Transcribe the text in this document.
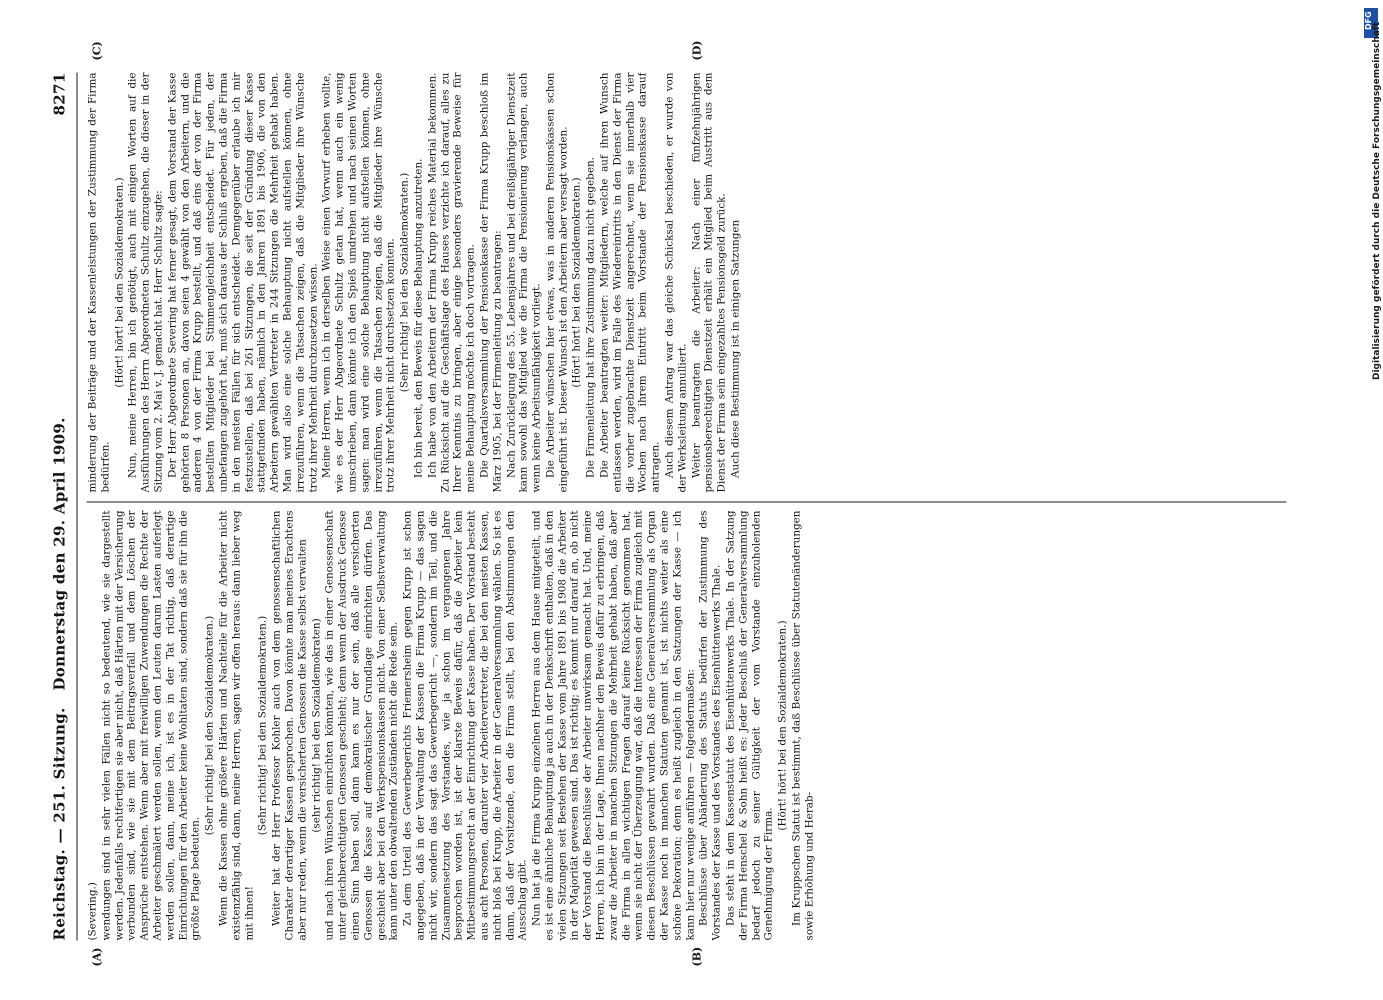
Reichstag. — 251. Sitzung.
Donnerstag den 29. April 1909.
8271
(A)	(B)
(C)	(D)

(Severing.) wendungen sind in sehr vielen Fällen nicht so bedeutend, wie sie dargestellt werden. Jedenfalls rechtfertigen sie aber nicht, daß Härten mit der Versicherung verbunden sind, wie sie mit dem Beitragsverfall und dem Löschen der Ansprüche entstehen. Wenn aber mit freiwilligen Zuwendungen die Rechte der Arbeiter geschmälert werden sollen, wenn den Leuten darum Lasten auferlegt werden sollen, dann, meine ich, ist es in der Tat richtig, daß derartige Einrichtungen für den Arbeiter keine Wohltaten sind, sondern daß sie für ihn die größte Plage bedeuten.

(Sehr richtig! bei den Sozialdemokraten.) Wenn die Kassen ohne größere Härten und Nachteile für die Arbeiter nicht existenzfähig sind, dann, meine Herren, sagen wir offen heraus: dann lieber weg mit ihnen!

(Sehr richtig! bei den Sozialdemokraten.) Weiter hat der Herr Professor Kohler auch von dem genossenschaftlichen Charakter derartiger Kassen gesprochen. Davon könnte man meines Erachtens aber nur reden, wenn die versicherten Genossen die Kasse selbst verwalten (sehr richtig! bei den Sozialdemokraten) und nach ihren Wünschen einrichten könnten, wie das in einer Genossenschaft unter gleichberechtigten Genossen geschieht; denn wenn der Ausdruck Genosse einen Sinn haben soll, dann kann es nur der sein, daß alle versicherten Genossen die Kasse auf demokratischer Grundlage einrichten dürfen. Das geschieht aber bei den Werkspensionskassen nicht. Von einer Selbstverwaltung kann unter den obwaltenden Zuständen nicht die Rede sein. Zu dem Urteil des Gewerbegerichts Friemersheim gegen Krupp ist schon angegeben, daß in der Verwaltung der Kassen die Firma Krupp — das sagen nicht wir, sondern das sagt das Gewerbegericht —, sondern im Teil, und die Zusammensetzung des Vorstandes, wie ja schon im vergangenen Jahre besprochen worden ist, ist der klarste Beweis dafür, daß die Arbeiter kein Mitbestimmungsrecht an der Einrichtung der Kasse haben. Der Vorstand besteht aus acht Personen, darunter vier Arbeitervertreter, die bei den meisten Kassen, nicht bloß bei Krupp, die Arbeiter in der Generalversammlung wählen. So ist es dann, daß der Vorsitzende, den die Firma stellt, bei den Abstimmungen den Ausschlag gibt. Nun hat ja die Firma Krupp einzelnen Herren aus dem Hause mitgeteilt, und es ist eine ähnliche Behauptung ja auch in der Denkschrift enthalten, daß in den vielen Sitzungen seit Bestehen der Kasse vom Jahre 1891 bis 1908 die Arbeiter in der Majorität gewesen sind. Das ist richtig; es kommt nur darauf an, ob nicht der Vorstand die Beschlüsse der Arbeiter unwirksam gemacht hat. Und, meine Herren, ich bin in der Lage, Ihnen nachher den Beweis dafür zu erbringen, daß zwar die Arbeiter in manchen Sitzungen die Mehrheit gehabt haben, daß aber die Firma in allen wichtigen Fragen darauf keine Rücksicht genommen hat, wenn sie nicht der Überzeugung war, daß die Interessen der Firma zugleich mit diesen Beschlüssen gewahrt wurden. Daß eine Generalversammlung als Organ der Kasse noch in manchen Statuten genannt ist, ist nichts weiter als eine schöne Dekoration; denn es heißt zugleich in den Satzungen der Kasse — ich kann hier nur wenige anführen — folgendermaßen: Beschlüsse über Abänderung des Statuts bedürfen der Zustimmung des Vorstandes der Kasse und des Vorstandes des Eisenhüttenwerks Thale. Das steht in dem Kassenstatut des Eisenhüttenwerks Thale. In der Satzung der Firma Henschel & Sohn heißt es: Jeder Beschluß der Generalversammlung bedarf jedoch zu seiner Gültigkeit der vom Vorstande einzuholenden Genehmigung der Firma.

(Hört! hört! bei den Sozialdemokraten.) Im Kruppschen Statut ist bestimmt, daß Beschlüsse über Statutenänderungen sowie Erhöhung und Herab-

minderung der Beiträge und der Kassenleistungen der Zustimmung der Firma bedürfen.

(Hört! hört! bei den Sozialdemokraten.) Nun, meine Herren, bin ich genötigt, auch mit einigen Worten auf die Ausführungen des Herrn Abgeordneten Schultz einzugehen, die dieser in der Sitzung vom 2. Mai v. J. gemacht hat. Herr Schultz sagte: Der Herr Abgeordnete Severing hat ferner gesagt, dem Vorstand der Kasse gehörten 8 Personen an, davon seien 4 gewählt von den Arbeitern, und die anderen 4 von der Firma Krupp bestellt, und daß eins der von der Firma bestellten Mitglieder bei Stimmengleichheit entscheidet. Für jeden, der unbefangen zugehört hat, muß sich daraus der Schluß ergeben, daß die Firma in den meisten Fällen für sich entscheidet. Demgegenüber erlaube ich mir festzustellen, daß bei 261 Sitzungen, die seit der Gründung dieser Kasse stattgefunden haben, nämlich in den Jahren 1891 bis 1906, die von den Arbeitern gewählten Vertreter in 244 Sitzungen die Mehrheit gehabt haben. Man wird also eine solche Behauptung nicht aufstellen können, ohne irrezuführen, wenn die Tatsachen zeigen, daß die Mitglieder ihre Wünsche trotz ihrer Mehrheit durchzusetzen wissen. Meine Herren, wenn ich in derselben Weise einen Vorwurf erheben wollte, wie es der Herr Abgeordnete Schultz getan hat, wenn auch ein wenig umschrieben, dann könnte ich den Spieß umdrehen und nach seinen Worten sagen: man wird eine solche Behauptung nicht aufstellen können, ohne irrezuführen, wenn die Tatsachen zeigen, daß die Mitglieder ihre Wünsche trotz ihrer Mehrheit nicht durchsetzen konnten. (Sehr richtig! bei den Sozialdemokraten.) Ich bin bereit, den Beweis für diese Behauptung anzutreten. Ich habe von den Arbeitern der Firma Krupp reiches Material bekommen. Zu Rücksicht auf die Geschäftslage des Hauses verzichte ich darauf, alles zu Ihrer Kenntnis zu bringen, aber einige besonders gravierende Beweise für meine Behauptung möchte ich doch vortragen. Die Quartalsversammlung der Pensionskasse der Firma Krupp beschloß im März 1905, bei der Firmenleitung zu beantragen: Nach Zurücklegung des 55. Lebensjahres und bei dreißigjähriger Dienstzeit kann sowohl das Mitglied wie die Firma die Pensionierung verlangen, auch wenn keine Arbeitsunfähigkeit vorliegt. Die Arbeiter wünschen hier etwas, was in anderen Pensionskassen schon eingeführt ist. Dieser Wunsch ist den Arbeitern aber versagt worden. (Hört! hört! bei den Sozialdemokraten.) Die Firmenleitung hat ihre Zustimmung dazu nicht gegeben. Die Arbeiter beantragten weiter: Mitgliedern, welche auf ihren Wunsch entlassen werden, wird im Falle des Wiedereintritts in den Dienst der Firma die vorher zugebrachte Dienstzeit angerechnet, wenn sie innerhalb vier Wochen nach ihrem Eintritt beim Vorstande der Pensionskasse darauf antragen. Auch diesem Antrag war das gleiche Schicksal beschieden, er wurde von der Werksleitung annulliert. Weiter beantragten die Arbeiter: Nach einer fünfzehnjährigen pensionsberechtigten Dienstzeit erhält ein Mitglied beim Austritt aus dem Dienst der Firma sein eingezahltes Pensionsgeld zurück. Auch diese Bestimmung ist in einigen Satzungen

DFG
Digitalisierung gefördert durch die Deutsche Forschungsgemeinschaft
